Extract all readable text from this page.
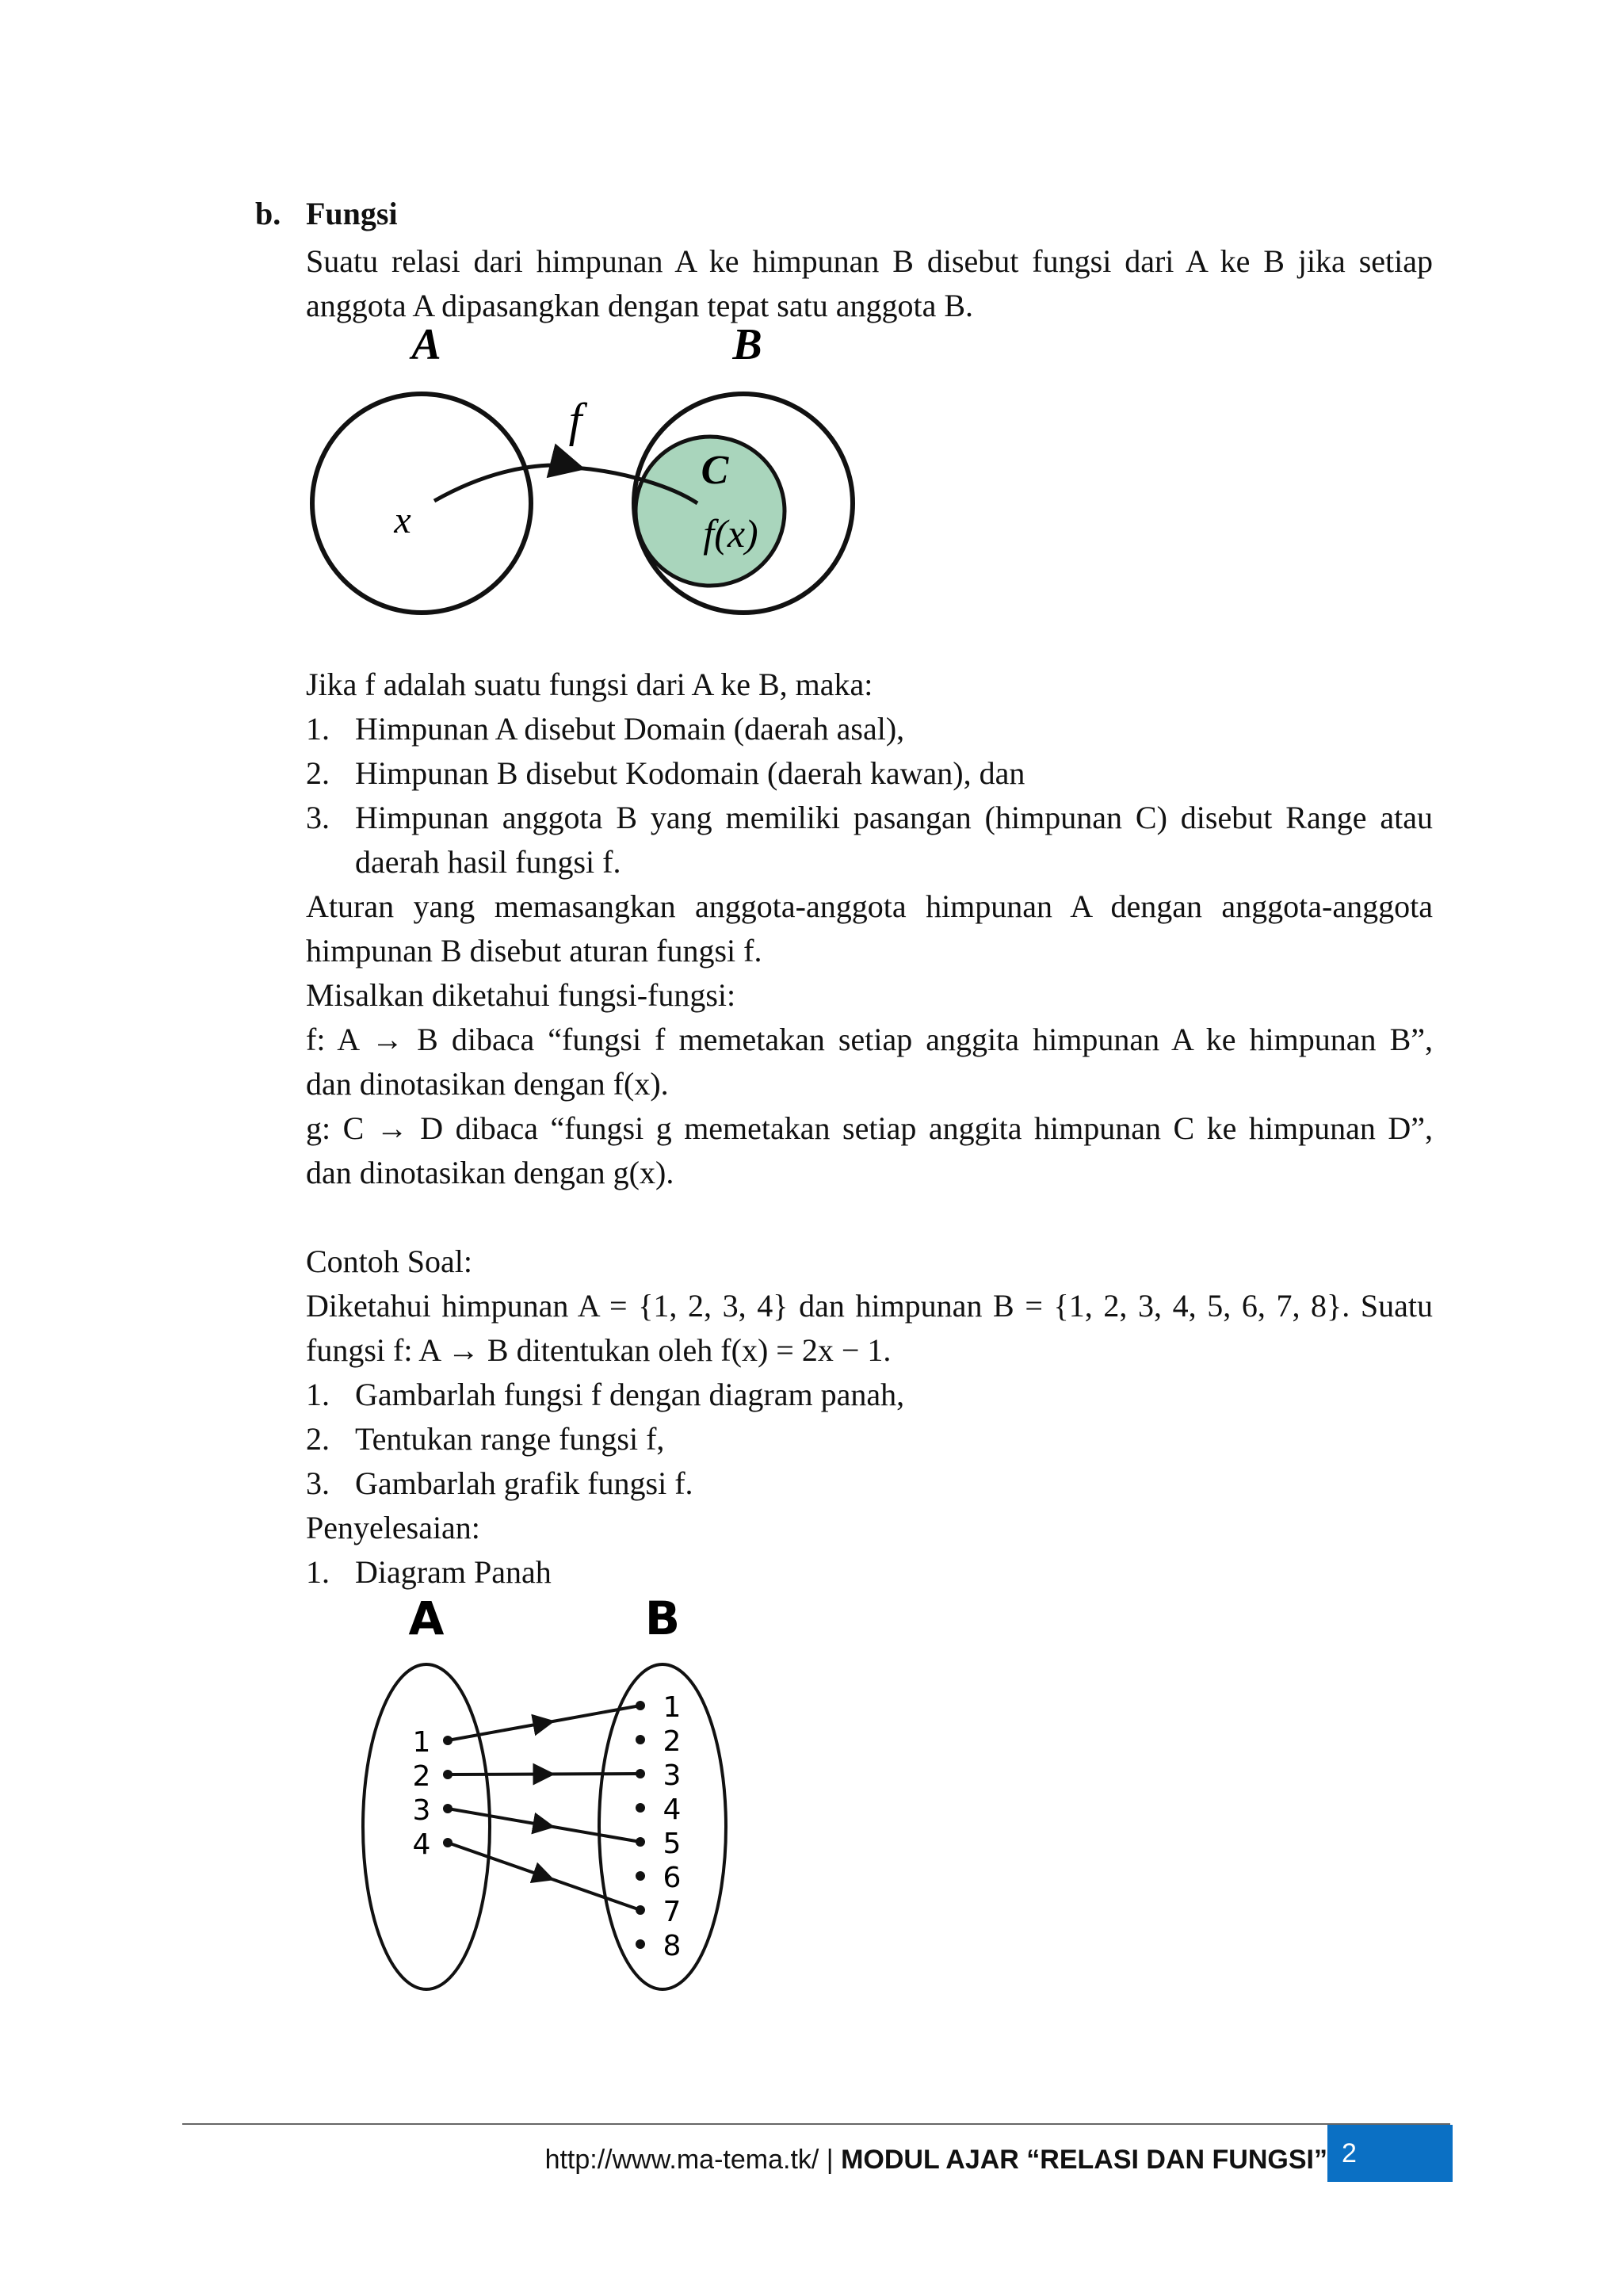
b. Fungsi

Suatu relasi dari himpunan A ke himpunan B disebut fungsi dari A ke B jika setiap

anggota A dipasangkan dengan tepat satu anggota B.

A	B
f
C
x	f(x)

Jika f adalah suatu fungsi dari A ke B, maka:

1. Himpunan A disebut Domain (daerah asal),
2. Himpunan B disebut Kodomain (daerah kawan), dan
3. Himpunan anggota B yang memiliki pasangan (himpunan C) disebut Range atau
daerah hasil fungsi f.

Aturan yang memasangkan anggota-anggota himpunan A dengan anggota-anggota

himpunan B disebut aturan fungsi f.

Misalkan diketahui fungsi-fungsi:

f: A → B dibaca “fungsi f memetakan setiap anggita himpunan A ke himpunan B”,

dan dinotasikan dengan f(x).

g: C → D dibaca “fungsi g memetakan setiap anggita himpunan C ke himpunan D”,

dan dinotasikan dengan g(x).

Contoh Soal:

Diketahui himpunan A = {1, 2, 3, 4} dan himpunan B = {1, 2, 3, 4, 5, 6, 7, 8}. Suatu

fungsi f: A → B ditentukan oleh f(x) = 2x − 1.

1. Gambarlah fungsi f dengan diagram panah,
2. Tentukan range fungsi f,
3. Gambarlah grafik fungsi f.

Penyelesaian:

1. Diagram Panah
A	B
1
2
3
4
1
2
3
4
5
6
7
8
http://www.ma-tema.tk/ | MODUL AJAR “RELASI DAN FUNGSI” 2
